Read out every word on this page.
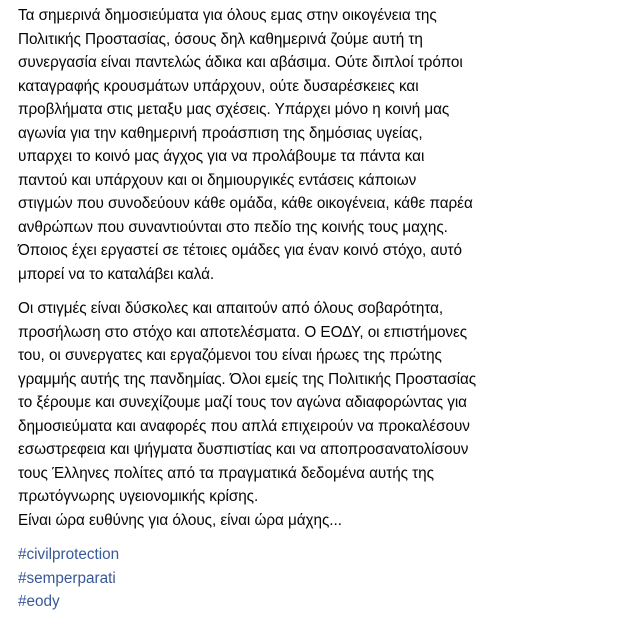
Τα σημερινά δημοσιεύματα για όλους εμας στην οικογένεια της
Πολιτικής Προστασίας, όσους δηλ καθημερινά ζούμε αυτή τη
συνεργασία είναι παντελώς άδικα και αβάσιμα. Ούτε διπλοί τρόποι
καταγραφής κρουσμάτων υπάρχουν, ούτε δυσαρέσκειες και
προβλήματα στις μεταξυ μας σχέσεις. Υπάρχει μόνο η κοινή μας
αγωνία για την καθημερινή προάσπιση της δημόσιας υγείας,
υπαρχει το κοινό μας άγχος για να προλάβουμε τα πάντα και
παντού και υπάρχουν και οι δημιουργικές εντάσεις κάποιων
στιγμών που συνοδεύουν κάθε ομάδα, κάθε οικογένεια, κάθε παρέα
ανθρώπων που συναντιούνται στο πεδίο της κοινής τους μαχης.
Όποιος έχει εργαστεί σε τέτοιες ομάδες για έναν κοινό στόχο, αυτό
μπορεί να το καταλάβει καλά.

Οι στιγμές είναι δύσκολες και απαιτούν από όλους σοβαρότητα,
προσήλωση στο στόχο και αποτελέσματα. Ο ΕΟΔΥ, οι επιστήμονες
του, οι συνεργατες και εργαζόμενοι του είναι ήρωες της πρώτης
γραμμής αυτής της πανδημίας. Όλοι εμείς της Πολιτικής Προστασίας
το ξέρουμε και συνεχίζουμε μαζί τους τον αγώνα αδιαφορώντας για
δημοσιεύματα και αναφορές που απλά επιχειρούν να προκαλέσουν
εσωστρεφεια και ψήγματα δυσπιστίας και να αποπροσανατολίσουν
τους Έλληνες πολίτες από τα πραγματικά δεδομένα αυτής της
πρωτόγνωρης υγειονομικής κρίσης.
Είναι ώρα ευθύνης για όλους, είναι ώρα μάχης...

#civilprotection
#semperparati
#eody
